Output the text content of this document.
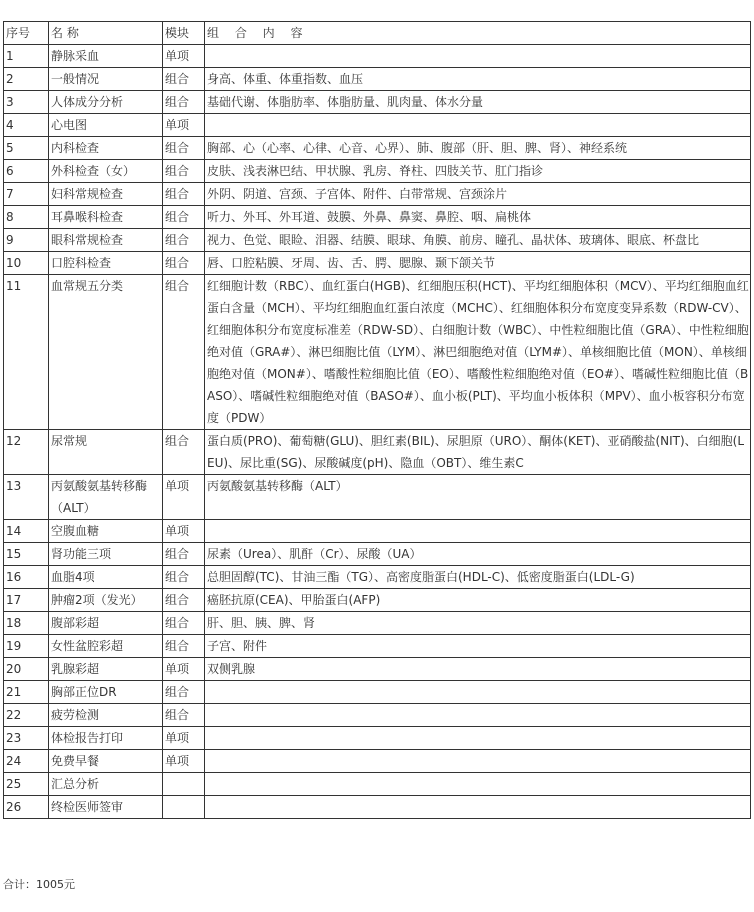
序号	名 称	模块	组 合 内 容
1	静脉采血	单项	
2	一般情况	组合	身高、体重、体重指数、血压
3	人体成分分析	组合	基础代谢、体脂肪率、体脂肪量、肌肉量、体水分量
4	心电图	单项	
5	内科检查	组合	胸部、心（心率、心律、心音、心界）、肺、腹部（肝、胆、脾、肾）、神经系统
6	外科检查（女）	组合	皮肤、浅表淋巴结、甲状腺、乳房、脊柱、四肢关节、肛门指诊
7	妇科常规检查	组合	外阴、阴道、宫颈、子宫体、附件、白带常规、宫颈涂片
8	耳鼻喉科检查	组合	听力、外耳、外耳道、鼓膜、外鼻、鼻窦、鼻腔、咽、扁桃体
9	眼科常规检查	组合	视力、色觉、眼睑、泪器、结膜、眼球、角膜、前房、瞳孔、晶状体、玻璃体、眼底、杯盘比
10	口腔科检查	组合	唇、口腔粘膜、牙周、齿、舌、腭、腮腺、颞下颌关节
11	血常规五分类	组合	红细胞计数（RBC）、血红蛋白(HGB)、红细胞压积(HCT)、平均红细胞体积（MCV）、平均红细胞血红蛋白含量（MCH）、平均红细胞血红蛋白浓度（MCHC）、红细胞体积分布宽度变异系数（RDW-CV）、红细胞体积分布宽度标准差（RDW-SD）、白细胞计数（WBC）、中性粒细胞比值（GRA）、中性粒细胞绝对值（GRA#）、淋巴细胞比值（LYM）、淋巴细胞绝对值（LYM#）、单核细胞比值（MON）、单核细胞绝对值（MON#）、嗜酸性粒细胞比值（EO）、嗜酸性粒细胞绝对值（EO#）、嗜碱性粒细胞比值（BASO）、嗜碱性粒细胞绝对值（BASO#）、血小板(PLT)、平均血小板体积（MPV）、血小板容积分布宽度（PDW）
12	尿常规	组合	蛋白质(PRO)、葡萄糖(GLU)、胆红素(BIL)、尿胆原（URO）、酮体(KET)、亚硝酸盐(NIT)、白细胞(LEU)、尿比重(SG)、尿酸碱度(pH)、隐血（OBT）、维生素C
13	丙氨酸氨基转移酶（ALT）	单项	丙氨酸氨基转移酶（ALT）
14	空腹血糖	单项	
15	肾功能三项	组合	尿素（Urea）、肌酐（Cr）、尿酸（UA）
16	血脂4项	组合	总胆固醇(TC)、甘油三酯（TG）、高密度脂蛋白(HDL-C)、低密度脂蛋白(LDL-G)
17	肿瘤2项（发光）	组合	癌胚抗原(CEA)、甲胎蛋白(AFP)
18	腹部彩超	组合	肝、胆、胰、脾、肾
19	女性盆腔彩超	组合	子宫、附件
20	乳腺彩超	单项	双侧乳腺
21	胸部正位DR	组合	
22	疲劳检测	组合	
23	体检报告打印	单项	
24	免费早餐	单项	
25	汇总分析		
26	终检医师签审		
合计：1005元
